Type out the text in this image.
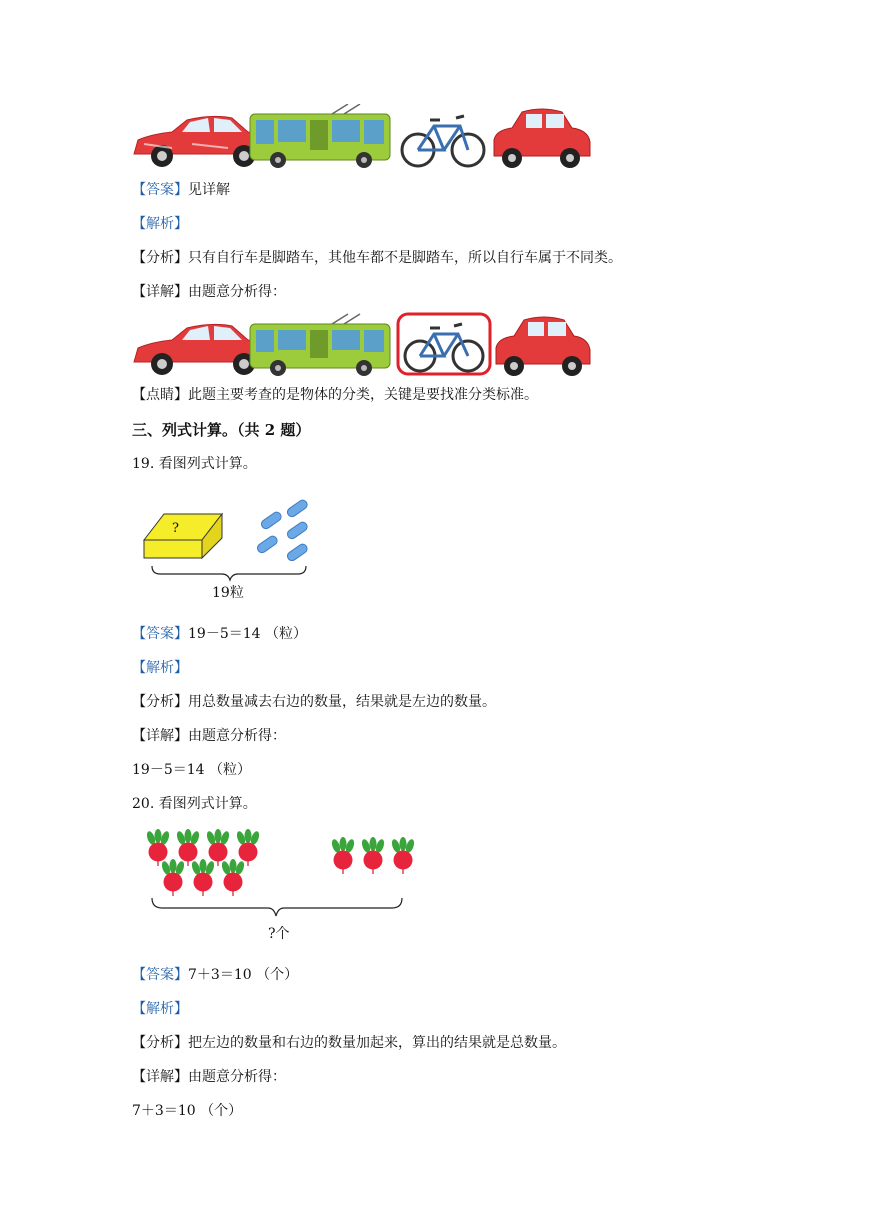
【答案】见详解
【解析】
【分析】只有自行车是脚踏车，其他车都不是脚踏车，所以自行车属于不同类。
【详解】由题意分析得：
【点睛】此题主要考查的是物体的分类，关键是要找准分类标准。
三、列式计算。（共 2 题）
19. 看图列式计算。
?
19粒
【答案】19－5＝14 （粒）
【解析】
【分析】用总数量减去右边的数量，结果就是左边的数量。
【详解】由题意分析得：
19－5＝14 （粒）
20. 看图列式计算。
?个
【答案】7＋3＝10 （个）
【解析】
【分析】把左边的数量和右边的数量加起来，算出的结果就是总数量。
【详解】由题意分析得：
7＋3＝10 （个）
